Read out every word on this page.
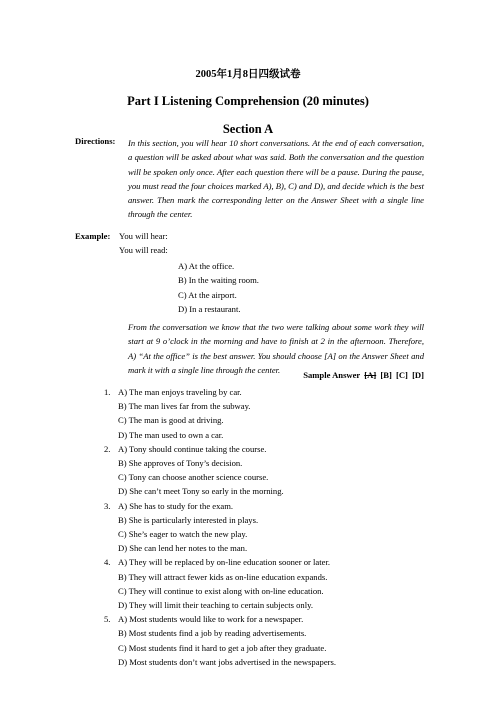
2005年1月8日四级试卷
Part I Listening Comprehension (20 minutes)
Section A
Directions: In this section, you will hear 10 short conversations. At the end of each conversation, a question will be asked about what was said. Both the conversation and the question will be spoken only once. After each question there will be a pause. During the pause, you must read the four choices marked A), B), C) and D), and decide which is the best answer. Then mark the corresponding letter on the Answer Sheet with a single line through the center.
Example: You will hear:
You will read:
A) At the office.
B) In the waiting room.
C) At the airport.
D) In a restaurant.
From the conversation we know that the two were talking about some work they will start at 9 o’clock in the morning and have to finish at 2 in the afternoon. Therefore, A) “At the office” is the best answer. You should choose [A] on the Answer Sheet and mark it with a single line through the center.
Sample Answer [A] [B] [C] [D]
1. A) The man enjoys traveling by car.
B) The man lives far from the subway.
C) The man is good at driving.
D) The man used to own a car.
2. A) Tony should continue taking the course.
B) She approves of Tony’s decision.
C) Tony can choose another science course.
D) She can’t meet Tony so early in the morning.
3. A) She has to study for the exam.
B) She is particularly interested in plays.
C) She’s eager to watch the new play.
D) She can lend her notes to the man.
4. A) They will be replaced by on-line education sooner or later.
B) They will attract fewer kids as on-line education expands.
C) They will continue to exist along with on-line education.
D) They will limit their teaching to certain subjects only.
5. A) Most students would like to work for a newspaper.
B) Most students find a job by reading advertisements.
C) Most students find it hard to get a job after they graduate.
D) Most students don’t want jobs advertised in the newspapers.
